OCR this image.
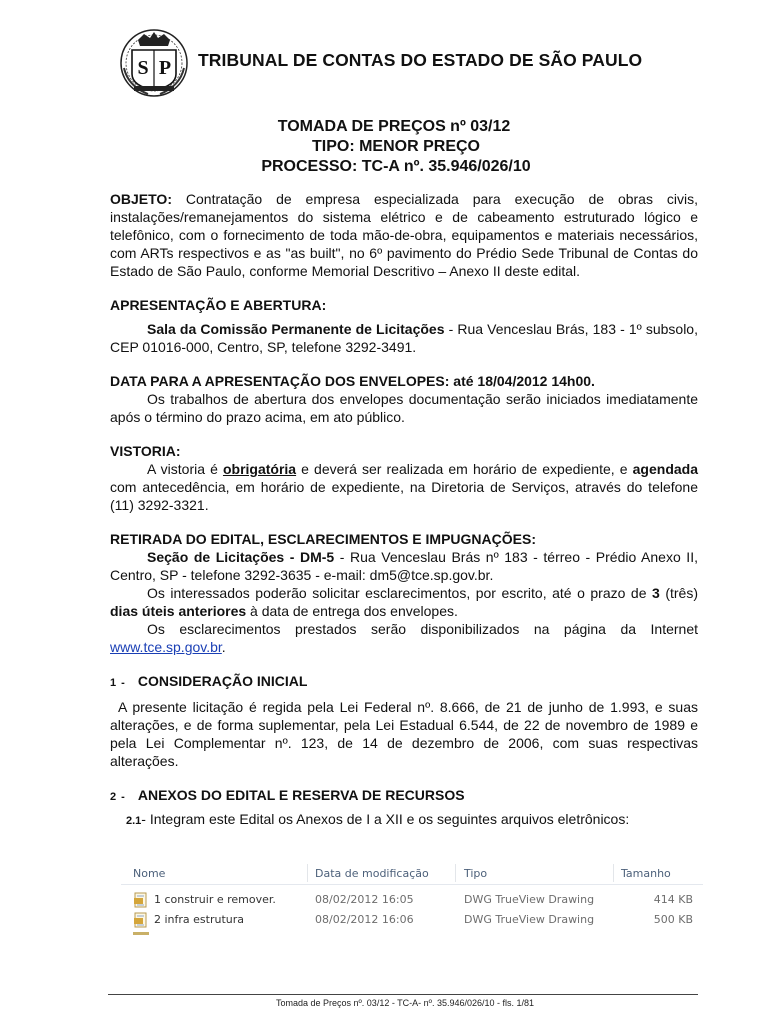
S P TRIBUNAL DE CONTAS DO ESTADO DE SÃO PAULO
TOMADA DE PREÇOS nº 03/12
TIPO: MENOR PREÇO
PROCESSO: TC-A nº. 35.946/026/10

OBJETO: Contratação de empresa especializada para execução de obras civis, instalações/remanejamentos do sistema elétrico e de cabeamento estruturado lógico e telefônico, com o fornecimento de toda mão-de-obra, equipamentos e materiais necessários, com ARTs respectivos e as "as built", no 6º pavimento do Prédio Sede Tribunal de Contas do Estado de São Paulo, conforme Memorial Descritivo – Anexo II deste edital.

APRESENTAÇÃO E ABERTURA:

Sala da Comissão Permanente de Licitações - Rua Venceslau Brás, 183 - 1º subsolo, CEP 01016-000, Centro, SP, telefone 3292-3491.

DATA PARA A APRESENTAÇÃO DOS ENVELOPES: até 18/04/2012 14h00.

Os trabalhos de abertura dos envelopes documentação serão iniciados imediatamente após o término do prazo acima, em ato público.

VISTORIA:

A vistoria é obrigatória e deverá ser realizada em horário de expediente, e agendada com antecedência, em horário de expediente, na Diretoria de Serviços, através do telefone (11) 3292-3321.

RETIRADA DO EDITAL, ESCLARECIMENTOS E IMPUGNAÇÕES:

Seção de Licitações - DM-5 - Rua Venceslau Brás nº 183 - térreo - Prédio Anexo II, Centro, SP - telefone 3292-3635 - e-mail: dm5@tce.sp.gov.br.

Os interessados poderão solicitar esclarecimentos, por escrito, até o prazo de 3 (três) dias úteis anteriores à data de entrega dos envelopes.

Os esclarecimentos prestados serão disponibilizados na página da Internet www.tce.sp.gov.br.

1 - CONSIDERAÇÃO INICIAL

A presente licitação é regida pela Lei Federal nº. 8.666, de 21 de junho de 1.993, e suas alterações, e de forma suplementar, pela Lei Estadual 6.544, de 22 de novembro de 1989 e pela Lei Complementar nº. 123, de 14 de dezembro de 2006, com suas respectivas alterações.

2 - ANEXOS DO EDITAL E RESERVA DE RECURSOS

2.1- Integram este Edital os Anexos de I a XII e os seguintes arquivos eletrônicos:

Nome	Data de modificação	Tipo	Tamanho
1 construir e remover.	08/02/2012 16:05	DWG TrueView Drawing	414 KB
2 infra estrutura	08/02/2012 16:06	DWG TrueView Drawing	500 KB
Tomada de Preços nº. 03/12 - TC-A- nº. 35.946/026/10 - fls. 1/81
